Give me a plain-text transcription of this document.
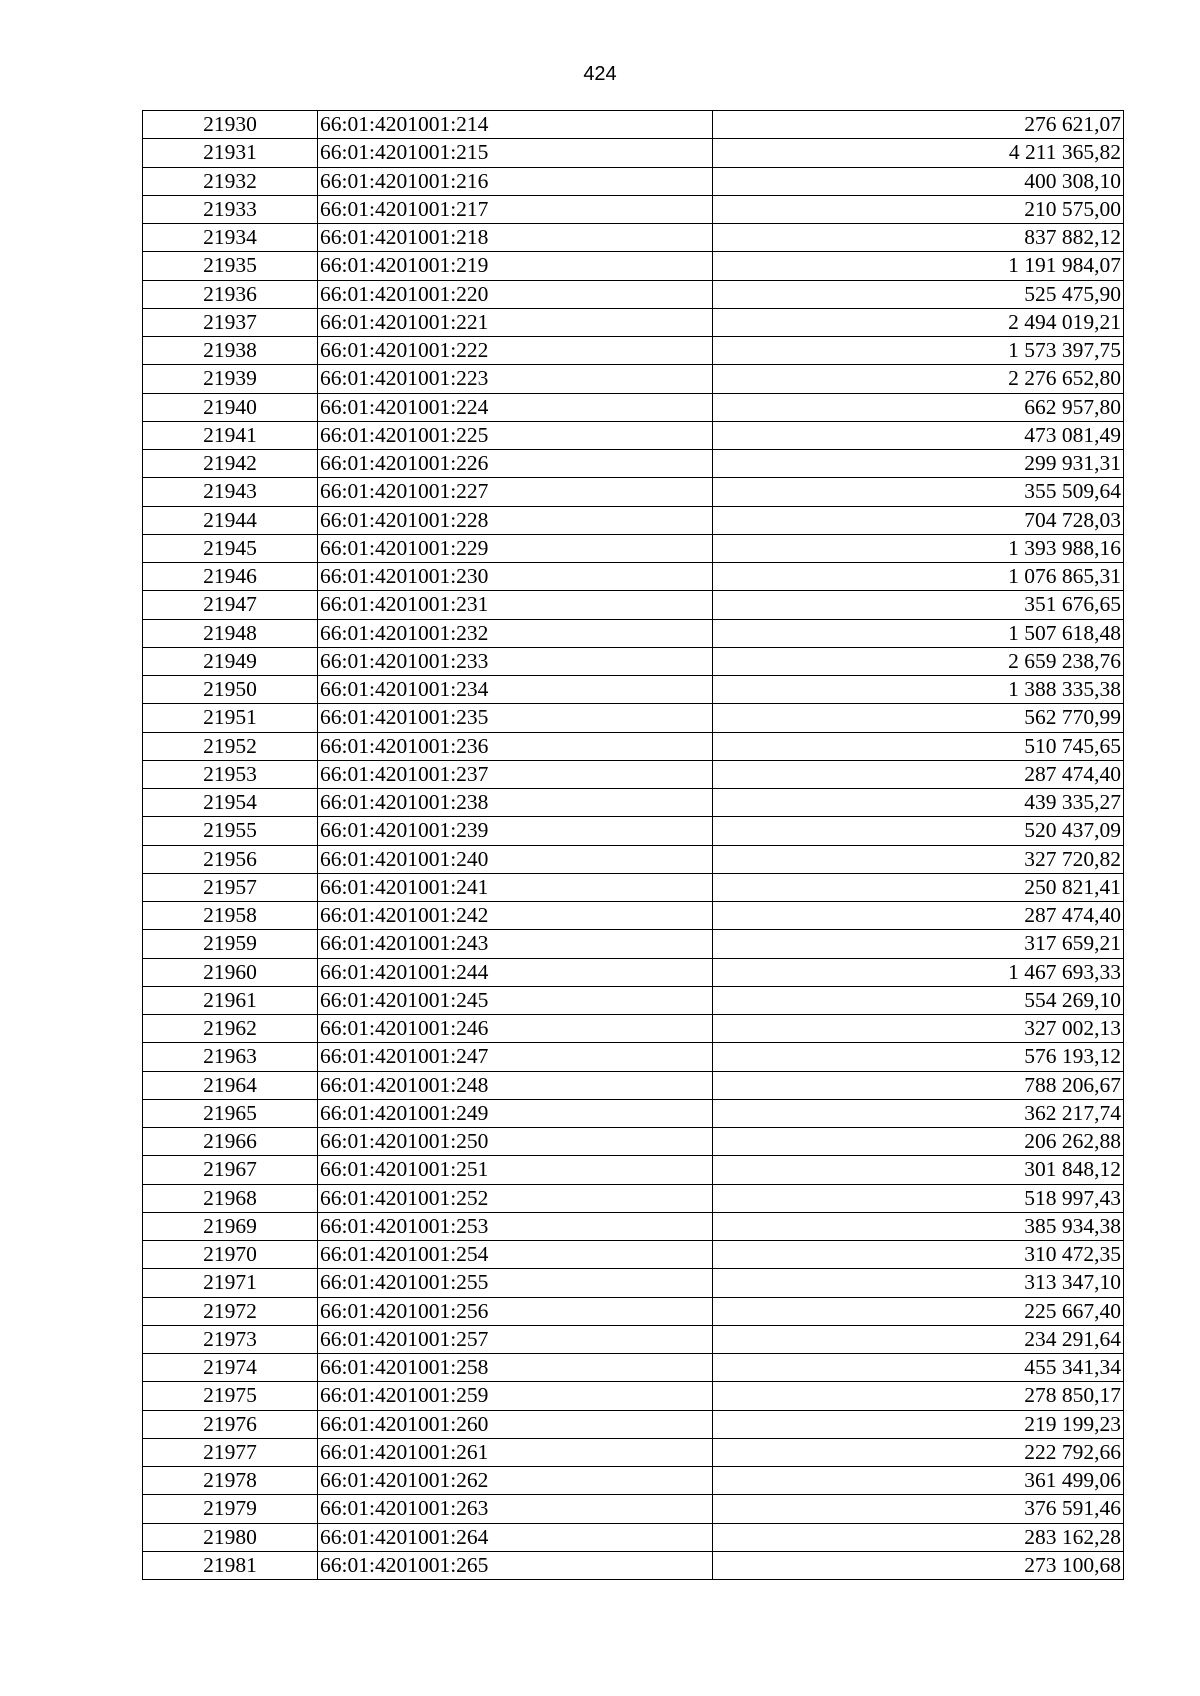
424
21930	66:01:4201001:214	276 621,07
21931	66:01:4201001:215	4 211 365,82
21932	66:01:4201001:216	400 308,10
21933	66:01:4201001:217	210 575,00
21934	66:01:4201001:218	837 882,12
21935	66:01:4201001:219	1 191 984,07
21936	66:01:4201001:220	525 475,90
21937	66:01:4201001:221	2 494 019,21
21938	66:01:4201001:222	1 573 397,75
21939	66:01:4201001:223	2 276 652,80
21940	66:01:4201001:224	662 957,80
21941	66:01:4201001:225	473 081,49
21942	66:01:4201001:226	299 931,31
21943	66:01:4201001:227	355 509,64
21944	66:01:4201001:228	704 728,03
21945	66:01:4201001:229	1 393 988,16
21946	66:01:4201001:230	1 076 865,31
21947	66:01:4201001:231	351 676,65
21948	66:01:4201001:232	1 507 618,48
21949	66:01:4201001:233	2 659 238,76
21950	66:01:4201001:234	1 388 335,38
21951	66:01:4201001:235	562 770,99
21952	66:01:4201001:236	510 745,65
21953	66:01:4201001:237	287 474,40
21954	66:01:4201001:238	439 335,27
21955	66:01:4201001:239	520 437,09
21956	66:01:4201001:240	327 720,82
21957	66:01:4201001:241	250 821,41
21958	66:01:4201001:242	287 474,40
21959	66:01:4201001:243	317 659,21
21960	66:01:4201001:244	1 467 693,33
21961	66:01:4201001:245	554 269,10
21962	66:01:4201001:246	327 002,13
21963	66:01:4201001:247	576 193,12
21964	66:01:4201001:248	788 206,67
21965	66:01:4201001:249	362 217,74
21966	66:01:4201001:250	206 262,88
21967	66:01:4201001:251	301 848,12
21968	66:01:4201001:252	518 997,43
21969	66:01:4201001:253	385 934,38
21970	66:01:4201001:254	310 472,35
21971	66:01:4201001:255	313 347,10
21972	66:01:4201001:256	225 667,40
21973	66:01:4201001:257	234 291,64
21974	66:01:4201001:258	455 341,34
21975	66:01:4201001:259	278 850,17
21976	66:01:4201001:260	219 199,23
21977	66:01:4201001:261	222 792,66
21978	66:01:4201001:262	361 499,06
21979	66:01:4201001:263	376 591,46
21980	66:01:4201001:264	283 162,28
21981	66:01:4201001:265	273 100,68
